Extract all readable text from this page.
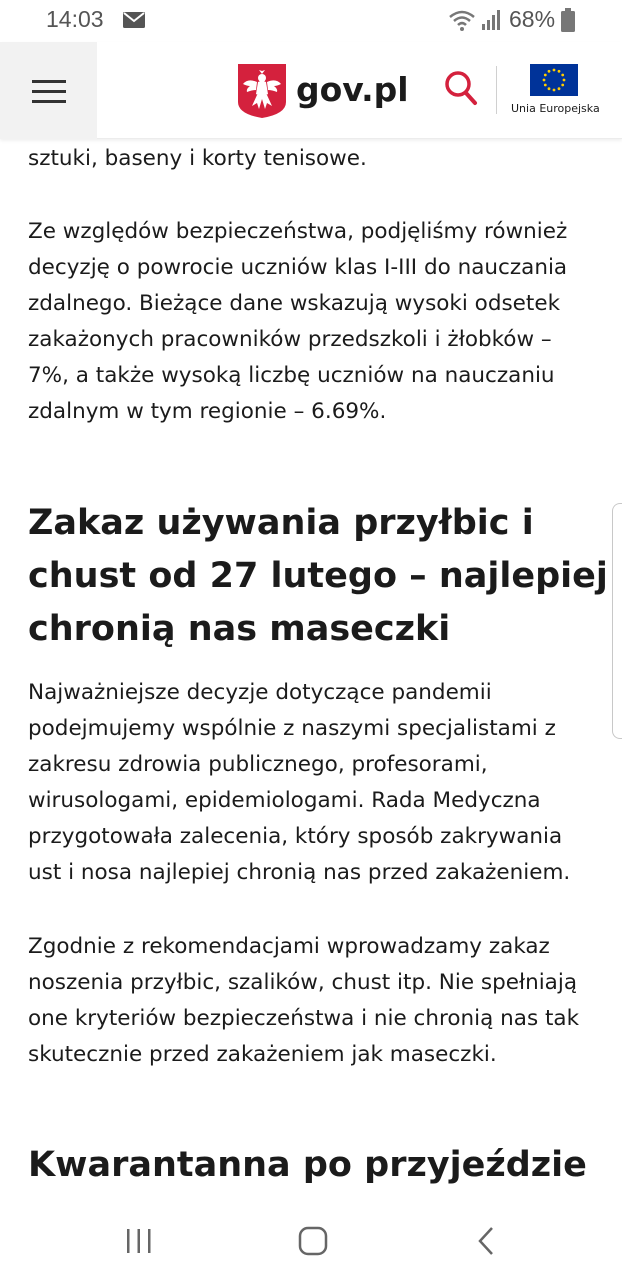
14:03	68%
gov.pl	Unia Europejska

sztuki, baseny i korty tenisowe.

Ze względów bezpieczeństwa, podjęliśmy również decyzję o powrocie uczniów klas I-III do nauczania zdalnego. Bieżące dane wskazują wysoki odsetek zakażonych pracowników przedszkoli i żłobków – 7%, a także wysoką liczbę uczniów na nauczaniu zdalnym w tym regionie – 6.69%.

Zakaz używania przyłbic i chust od 27 lutego – najlepiej chronią nas maseczki

Najważniejsze decyzje dotyczące pandemii podejmujemy wspólnie z naszymi specjalistami z zakresu zdrowia publicznego, profesorami, wirusologami, epidemiologami. Rada Medyczna przygotowała zalecenia, który sposób zakrywania ust i nosa najlepiej chronią nas przed zakażeniem.

Zgodnie z rekomendacjami wprowadzamy zakaz noszenia przyłbic, szalików, chust itp. Nie spełniają one kryteriów bezpieczeństwa i nie chronią nas tak skutecznie przed zakażeniem jak maseczki.

Kwarantanna po przyjeździe
